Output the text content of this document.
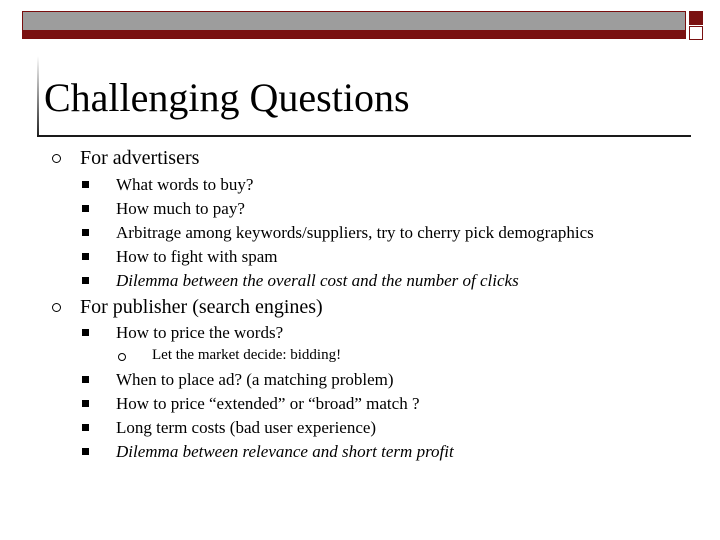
Challenging Questions
For advertisers
What words to buy?
How much to pay?
Arbitrage among keywords/suppliers, try to cherry pick demographics
How to fight with spam
Dilemma between the overall cost and the number of clicks
For publisher (search engines)
How to price the words?
Let the market decide: bidding!
When to place ad? (a matching problem)
How to price “extended” or “broad” match ?
Long term costs (bad user experience)
Dilemma between relevance and short term profit
